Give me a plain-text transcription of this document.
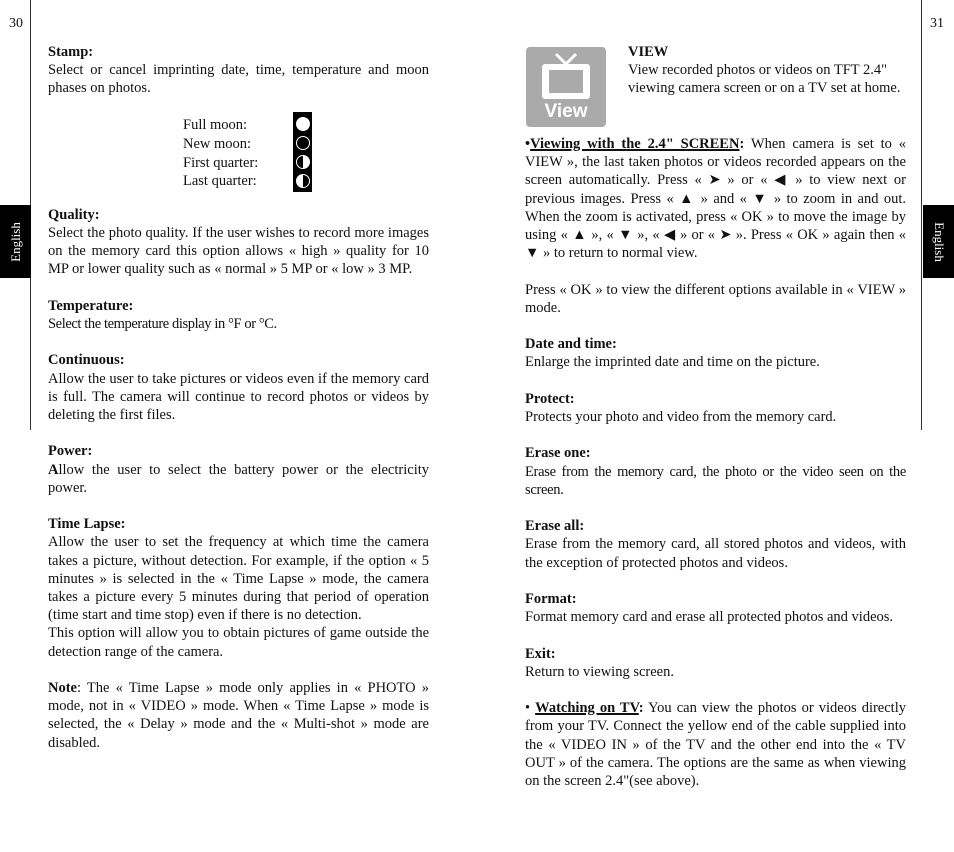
30	31
English	English
Stamp:

Select or cancel imprinting date, time, temperature and moon phases on photos.

Quality:

Select the photo quality. If the user wishes to record more images on the memory card this option allows « high » quality for 10 MP or lower quality such as « normal » 5 MP or « low » 3 MP.

Temperature:

Select the temperature display in °F or °C.

Continuous:

Allow the user to take pictures or videos even if the memory card is full. The camera will continue to record photos or videos by deleting the first files.

Power:

Allow the user to select the battery power or the electricity power.

Time Lapse:

Allow the user to set the frequency at which time the camera takes a picture, without detection. For example, if the option « 5 minutes » is selected in the « Time Lapse » mode, the camera takes a picture every 5 minutes during that period of operation (time start and time stop) even if there is no detection.

This option will allow you to obtain pictures of game outside the detection range of the camera.

Note: The « Time Lapse » mode only applies in « PHOTO » mode, not in « VIDEO » mode. When « Time Lapse » mode is selected, the « Delay » mode and the « Multi-shot » mode are disabled.

Full moon:
New moon:
First quarter:
Last quarter:
View
VIEW

View recorded photos or videos on TFT 2.4" viewing camera screen or on a TV set at home.

•Viewing with the 2.4" SCREEN: When camera is set to « VIEW », the last taken photos or videos recorded appears on the screen automatically. Press « ➤ » or « ◀ » to view next or previous images. Press « ▲ » and « ▼ » to zoom in and out. When the zoom is activated, press « OK » to move the image by using « ▲ », « ▼ », « ◀ » or « ➤ ». Press « OK » again then « ▼ » to return to normal view.

Press « OK » to view the different options available in « VIEW » mode.

Date and time:

Enlarge the imprinted date and time on the picture.

Protect:

Protects your photo and video from the memory card.

Erase one:

Erase from the memory card, the photo or the video seen on the screen.

Erase all:

Erase from the memory card, all stored photos and videos, with the exception of protected photos and videos.

Format:

Format memory card and erase all protected photos and videos.

Exit:

Return to viewing screen.

• Watching on TV: You can view the photos or videos directly from your TV. Connect the yellow end of the cable supplied into the « VIDEO IN » of the TV and the other end into the « TV OUT » of the camera. The options are the same as when viewing on the screen 2.4"(see above).
